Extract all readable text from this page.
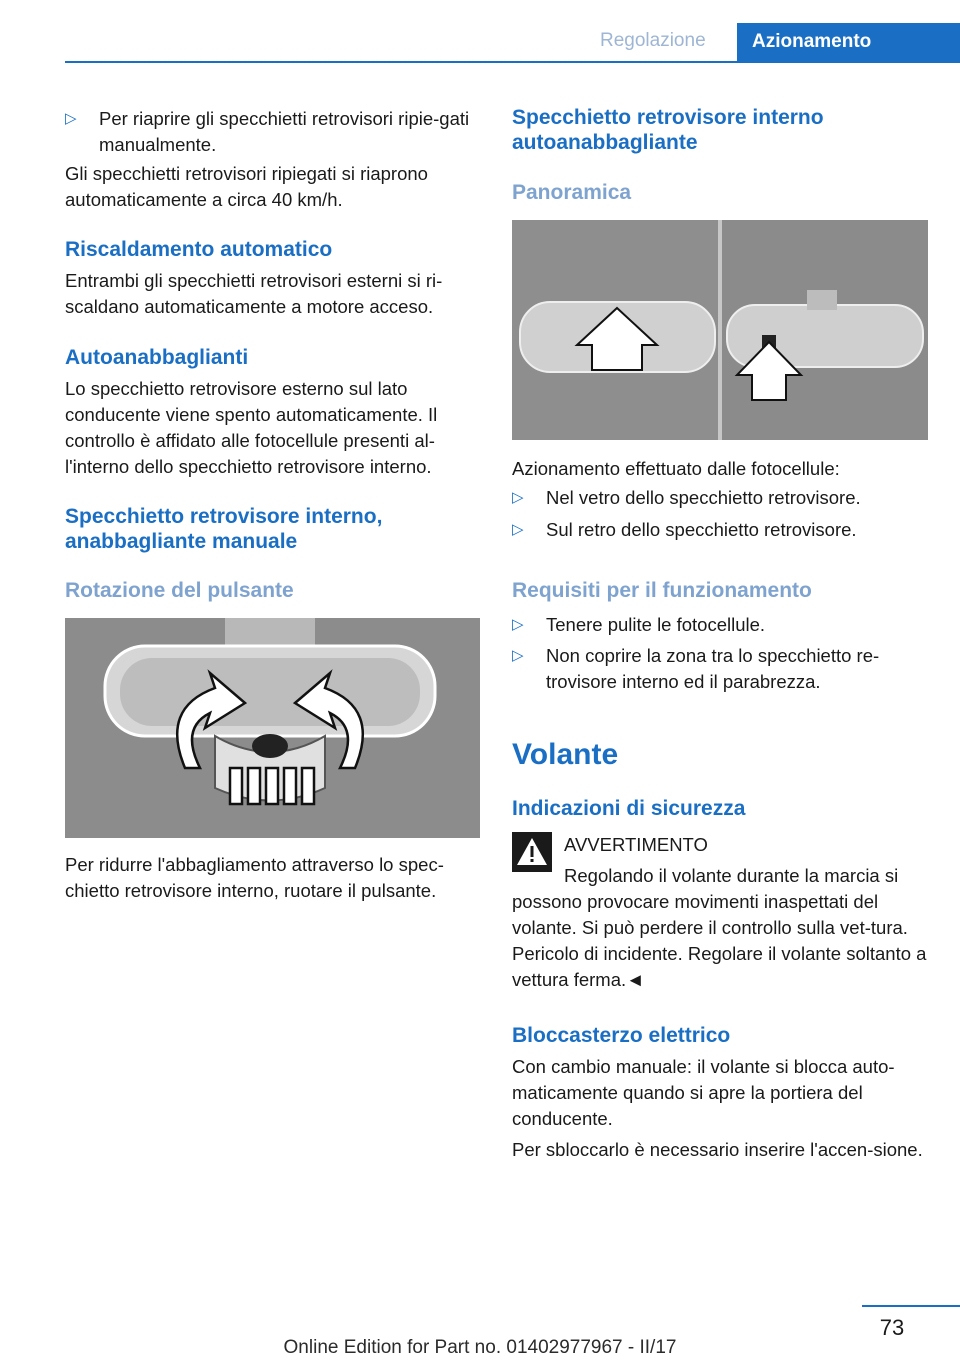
Regolazione	Azionamento
▷ Per riaprire gli specchietti retrovisori ripie-gati manualmente.

Gli specchietti retrovisori ripiegati si riaprono automaticamente a circa 40 km/h.

Riscaldamento automatico

Entrambi gli specchietti retrovisori esterni si ri-scaldano automaticamente a motore acceso.

Autoanabbaglianti

Lo specchietto retrovisore esterno sul lato conducente viene spento automaticamente. Il controllo è affidato alle fotocellule presenti al-l'interno dello specchietto retrovisore interno.

Specchietto retrovisore interno, anabbagliante manuale
Rotazione del pulsante

Per ridurre l'abbagliamento attraverso lo spec-chietto retrovisore interno, ruotare il pulsante.

Specchietto retrovisore interno autoanabbagliante
Panoramica

Azionamento effettuato dalle fotocellule:

▷ Nel vetro dello specchietto retrovisore.
▷ Sul retro dello specchietto retrovisore.
Requisiti per il funzionamento
▷ Tenere pulite le fotocellule.
▷ Non coprire la zona tra lo specchietto re-trovisore interno ed il parabrezza.
Volante
Indicazioni di sicurezza

AVVERTIMENTO

Regolando il volante durante la marcia si possono provocare movimenti inaspettati del volante. Si può perdere il controllo sulla vet-tura. Pericolo di incidente. Regolare il volante soltanto a vettura ferma.◄

Bloccasterzo elettrico

Con cambio manuale: il volante si blocca auto-maticamente quando si apre la portiera del conducente.

Per sbloccarlo è necessario inserire l'accen-sione.

73
Online Edition for Part no. 01402977967 - II/17
